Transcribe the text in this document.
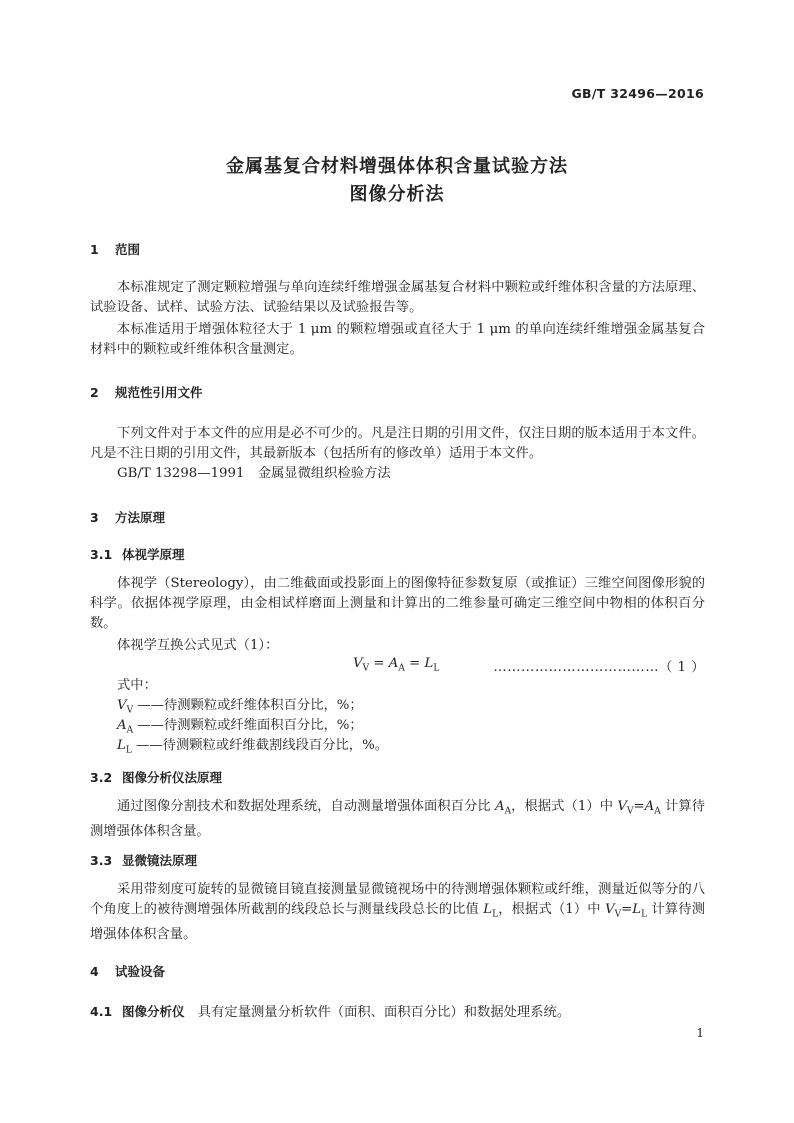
GB/T 32496—2016
金属基复合材料增强体体积含量试验方法
图像分析法
1 范围
本标准规定了测定颗粒增强与单向连续纤维增强金属基复合材料中颗粒或纤维体积含量的方法原理、试验设备、试样、试验方法、试验结果以及试验报告等。
本标准适用于增强体粒径大于 1 μm 的颗粒增强或直径大于 1 μm 的单向连续纤维增强金属基复合材料中的颗粒或纤维体积含量测定。
2 规范性引用文件
下列文件对于本文件的应用是必不可少的。凡是注日期的引用文件，仅注日期的版本适用于本文件。凡是不注日期的引用文件，其最新版本（包括所有的修改单）适用于本文件。
GB/T 13298—1991　金属显微组织检验方法
3 方法原理
3.1 体视学原理
体视学（Stereology），由二维截面或投影面上的图像特征参数复原（或推证）三维空间图像形貌的科学。依据体视学原理，由金相试样磨面上测量和计算出的二维参量可确定三维空间中物相的体积百分数。
体视学互换公式见式（1）：
$V_V = A_A = L_L$	………………………………（ 1 ）
式中：
$V_V$ ——待测颗粒或纤维体积百分比，%；
$A_A$ ——待测颗粒或纤维面积百分比，%；
$L_L$ ——待测颗粒或纤维截割线段百分比，%。
3.2 图像分析仪法原理
通过图像分割技术和数据处理系统，自动测量增强体面积百分比 $A_A$，根据式（1）中 $V_V=A_A$ 计算待测增强体体积含量。
3.3 显微镜法原理
采用带刻度可旋转的显微镜目镜直接测量显微镜视场中的待测增强体颗粒或纤维，测量近似等分的八个角度上的被待测增强体所截割的线段总长与测量线段总长的比值 $L_L$，根据式（1）中 $V_V=L_L$ 计算待测增强体体积含量。
4 试验设备
4.1 图像分析仪　具有定量测量分析软件（面积、面积百分比）和数据处理系统。
1
